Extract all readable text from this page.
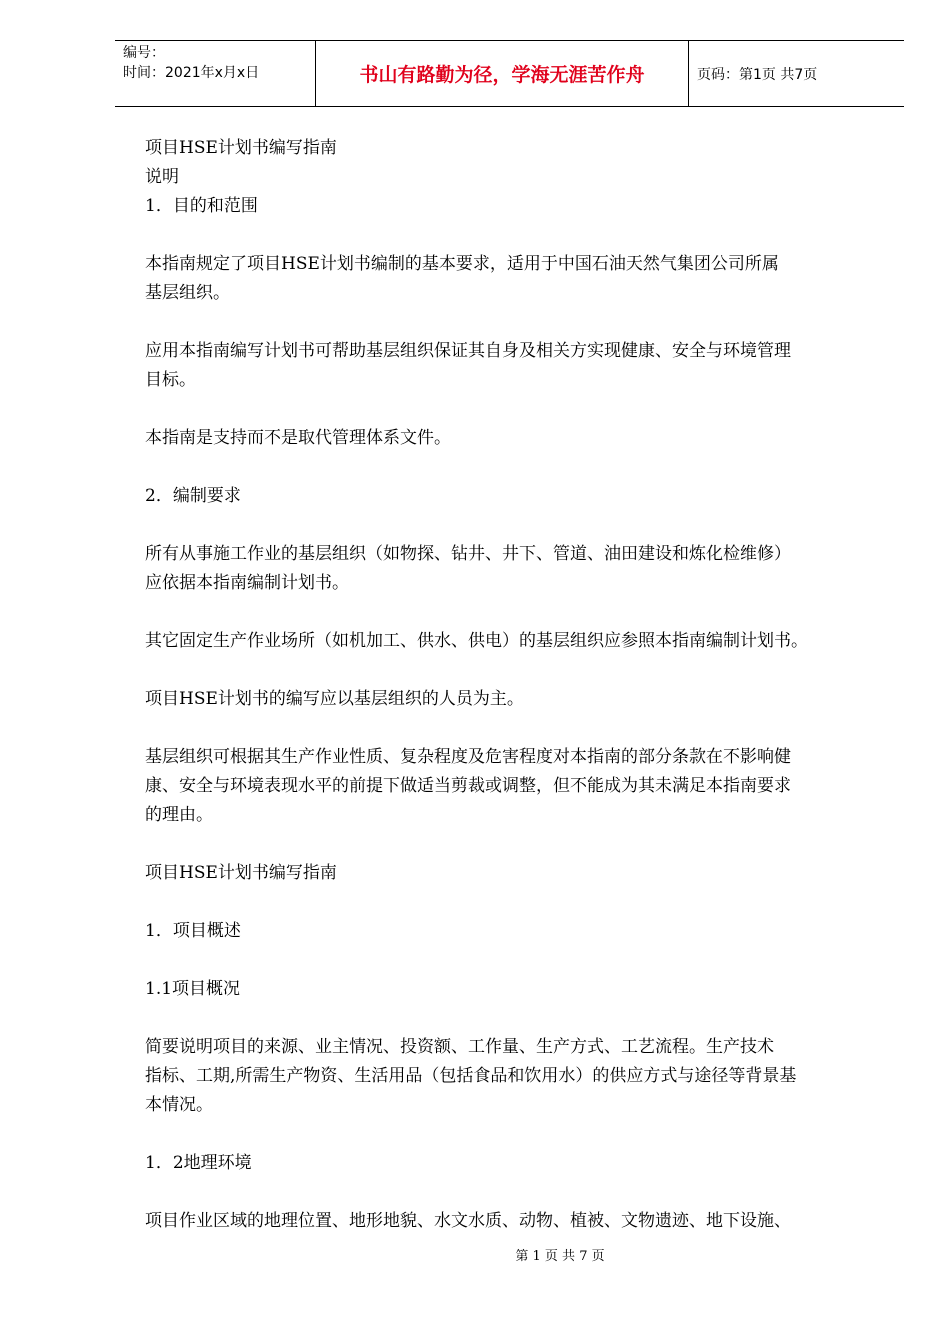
编号：
时间：2021年x月x日	书山有路勤为径，学海无涯苦作舟	页码：第1页 共7页

项目HSE计划书编写指南

说明

1．目的和范围

本指南规定了项目HSE计划书编制的基本要求，适用于中国石油天然气集团公司所属

基层组织。

应用本指南编写计划书可帮助基层组织保证其自身及相关方实现健康、安全与环境管理

目标。

本指南是支持而不是取代管理体系文件。

2．编制要求

所有从事施工作业的基层组织（如物探、钻井、井下、管道、油田建设和炼化检维修）

应依据本指南编制计划书。

其它固定生产作业场所（如机加工、供水、供电）的基层组织应参照本指南编制计划书。

项目HSE计划书的编写应以基层组织的人员为主。

基层组织可根据其生产作业性质、复杂程度及危害程度对本指南的部分条款在不影响健

康、安全与环境表现水平的前提下做适当剪裁或调整，但不能成为其未满足本指南要求

的理由。

项目HSE计划书编写指南

1．项目概述

1.1项目概况

简要说明项目的来源、业主情况、投资额、工作量、生产方式、工艺流程。生产技术

指标、工期,所需生产物资、生活用品（包括食品和饮用水）的供应方式与途径等背景基

本情况。

1．2地理环境

项目作业区域的地理位置、地形地貌、水文水质、动物、植被、文物遗迹、地下设施、

第 1 页 共 7 页
